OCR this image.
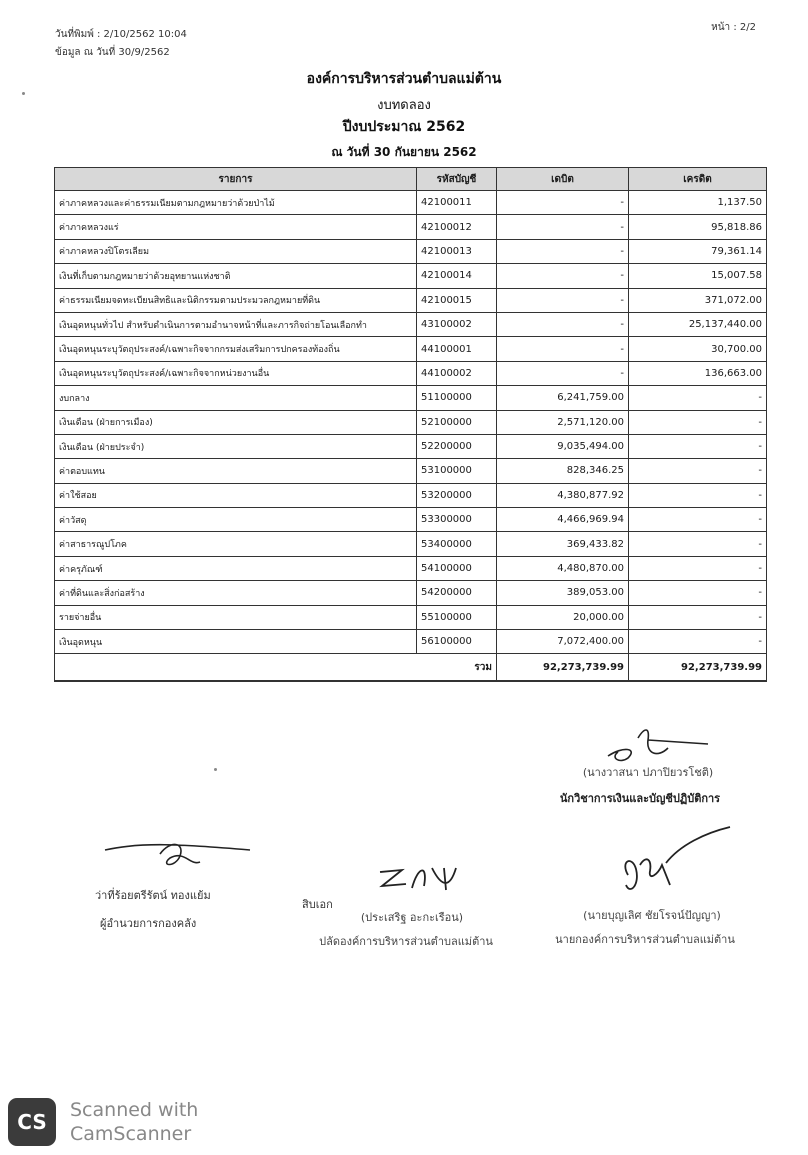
วันที่พิมพ์ : 2/10/2562 10:04
ข้อมูล ณ วันที่ 30/9/2562
หน้า : 2/2
องค์การบริหารส่วนตำบลแม่ต้าน
งบทดลอง
ปีงบประมาณ 2562
ณ วันที่ 30 กันยายน 2562
รายการ	รหัสบัญชี	เดบิต	เครดิต
ค่าภาคหลวงและค่าธรรมเนียมตามกฎหมายว่าด้วยป่าไม้	42100011	-	1,137.50
ค่าภาคหลวงแร่	42100012	-	95,818.86
ค่าภาคหลวงปิโตรเลียม	42100013	-	79,361.14
เงินที่เก็บตามกฎหมายว่าด้วยอุทยานแห่งชาติ	42100014	-	15,007.58
ค่าธรรมเนียมจดทะเบียนสิทธิและนิติกรรมตามประมวลกฎหมายที่ดิน	42100015	-	371,072.00
เงินอุดหนุนทั่วไป สำหรับดำเนินการตามอำนาจหน้าที่และภารกิจถ่ายโอนเลือกทำ	43100002	-	25,137,440.00
เงินอุดหนุนระบุวัตถุประสงค์/เฉพาะกิจจากกรมส่งเสริมการปกครองท้องถิ่น	44100001	-	30,700.00
เงินอุดหนุนระบุวัตถุประสงค์/เฉพาะกิจจากหน่วยงานอื่น	44100002	-	136,663.00
งบกลาง	51100000	6,241,759.00	-
เงินเดือน (ฝ่ายการเมือง)	52100000	2,571,120.00	-
เงินเดือน (ฝ่ายประจำ)	52200000	9,035,494.00	-
ค่าตอบแทน	53100000	828,346.25	-
ค่าใช้สอย	53200000	4,380,877.92	-
ค่าวัสดุ	53300000	4,466,969.94	-
ค่าสาธารณูปโภค	53400000	369,433.82	-
ค่าครุภัณฑ์	54100000	4,480,870.00	-
ค่าที่ดินและสิ่งก่อสร้าง	54200000	389,053.00	-
รายจ่ายอื่น	55100000	20,000.00	-
เงินอุดหนุน	56100000	7,072,400.00	-
	รวม	92,273,739.99	92,273,739.99
(นางวาสนา ปภาปิยวรโชติ)
นักวิชาการเงินและบัญชีปฏิบัติการ
ว่าที่ร้อยตรีรัตน์ ทองแย้ม
ผู้อำนวยการกองคลัง
สิบเอก
(ประเสริฐ อะกะเรือน)
ปลัดองค์การบริหารส่วนตำบลแม่ต้าน
(นายบุญเลิศ ชัยโรจน์ปัญญา)
นายกองค์การบริหารส่วนตำบลแม่ต้าน
CS	Scanned with
CamScanner
